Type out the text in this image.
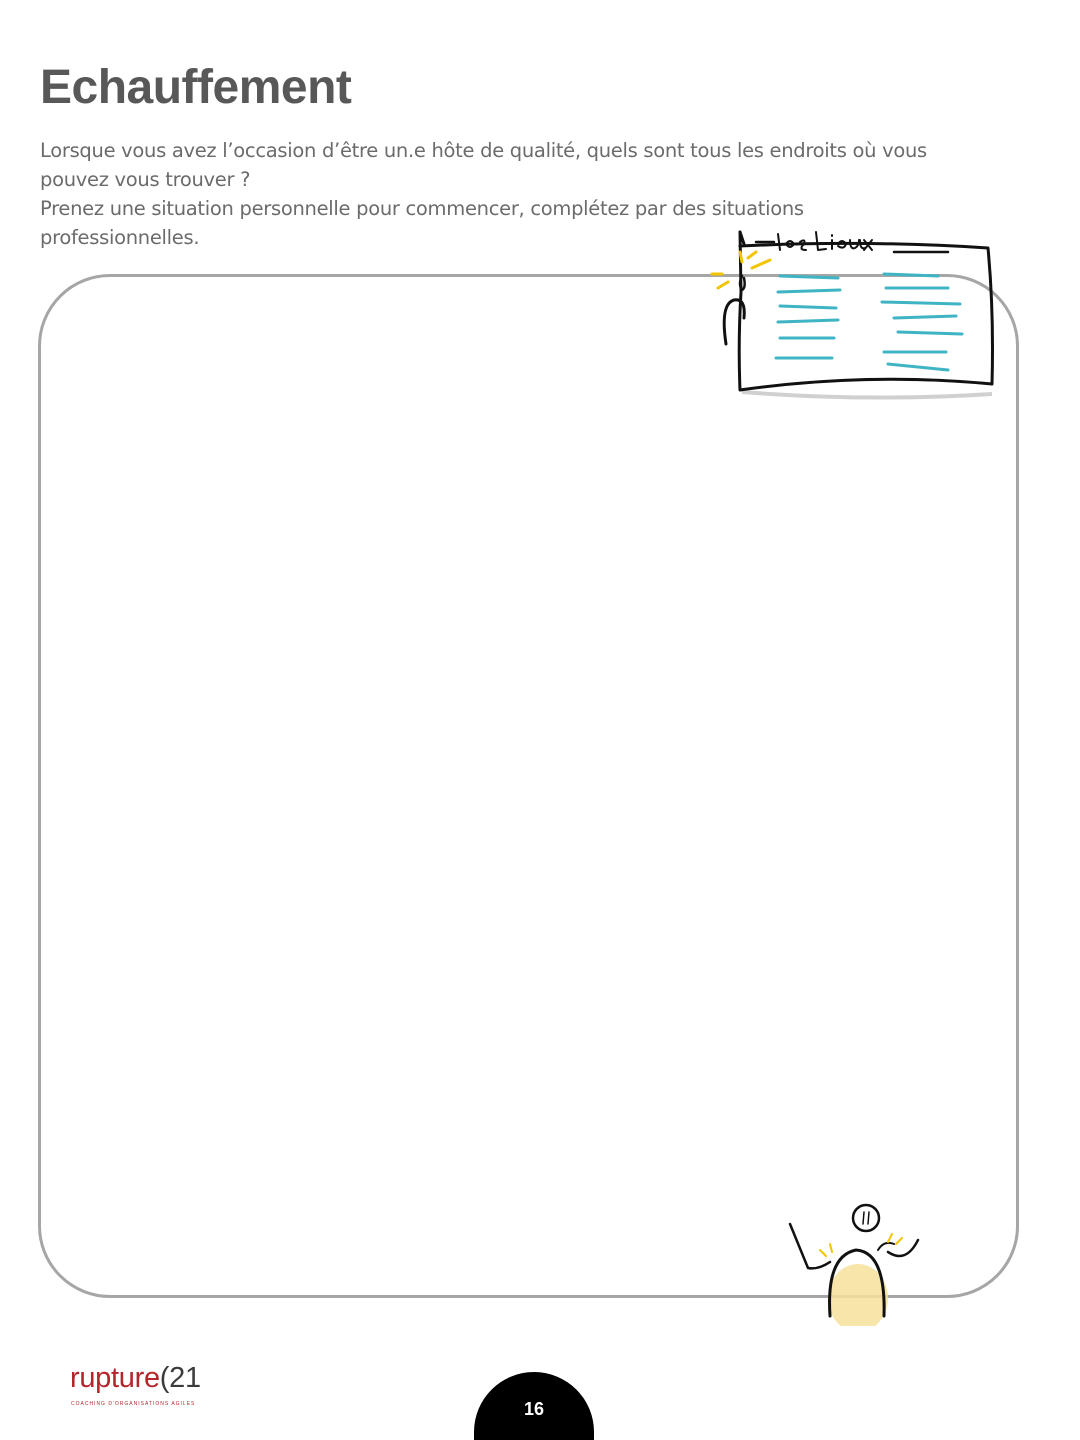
Echauffement

Lorsque vous avez l’occasion d’être un.e hôte de qualité, quels sont tous les endroits où vous pouvez vous trouver ?

Prenez une situation personnelle pour commencer, complétez par des situations professionnelles.

rupture(21
COACHING D'ORGANISATIONS AGILES	16
